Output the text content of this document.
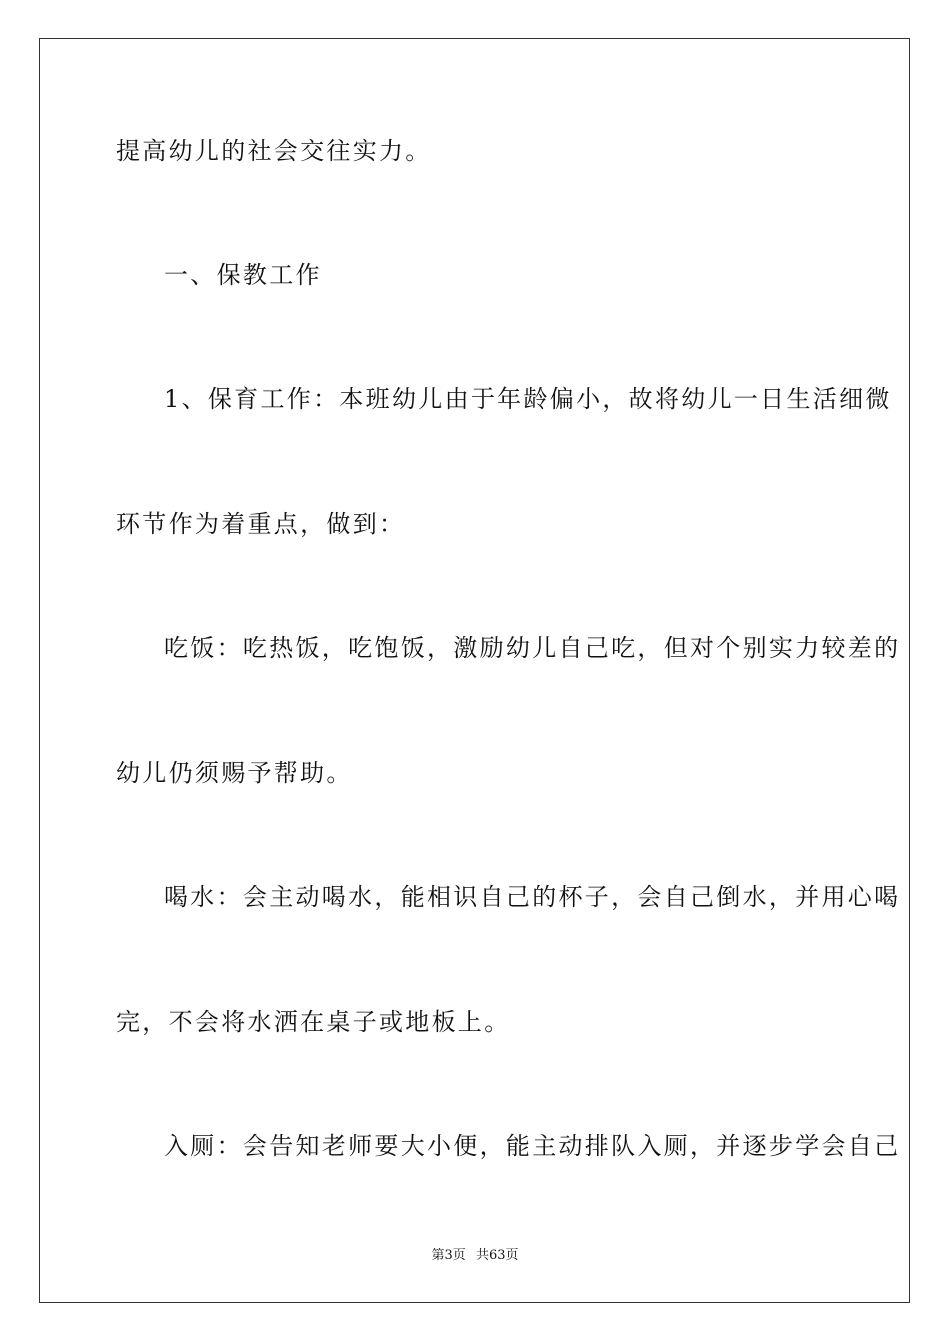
提高幼儿的社会交往实力。
一、保教工作
1、保育工作：本班幼儿由于年龄偏小，故将幼儿一日生活细微
环节作为着重点，做到：
吃饭：吃热饭，吃饱饭，激励幼儿自己吃，但对个别实力较差的
幼儿仍须赐予帮助。
喝水：会主动喝水，能相识自己的杯子，会自己倒水，并用心喝
完，不会将水洒在桌子或地板上。
入厕：会告知老师要大小便，能主动排队入厕，并逐步学会自己
第3页 共63页
